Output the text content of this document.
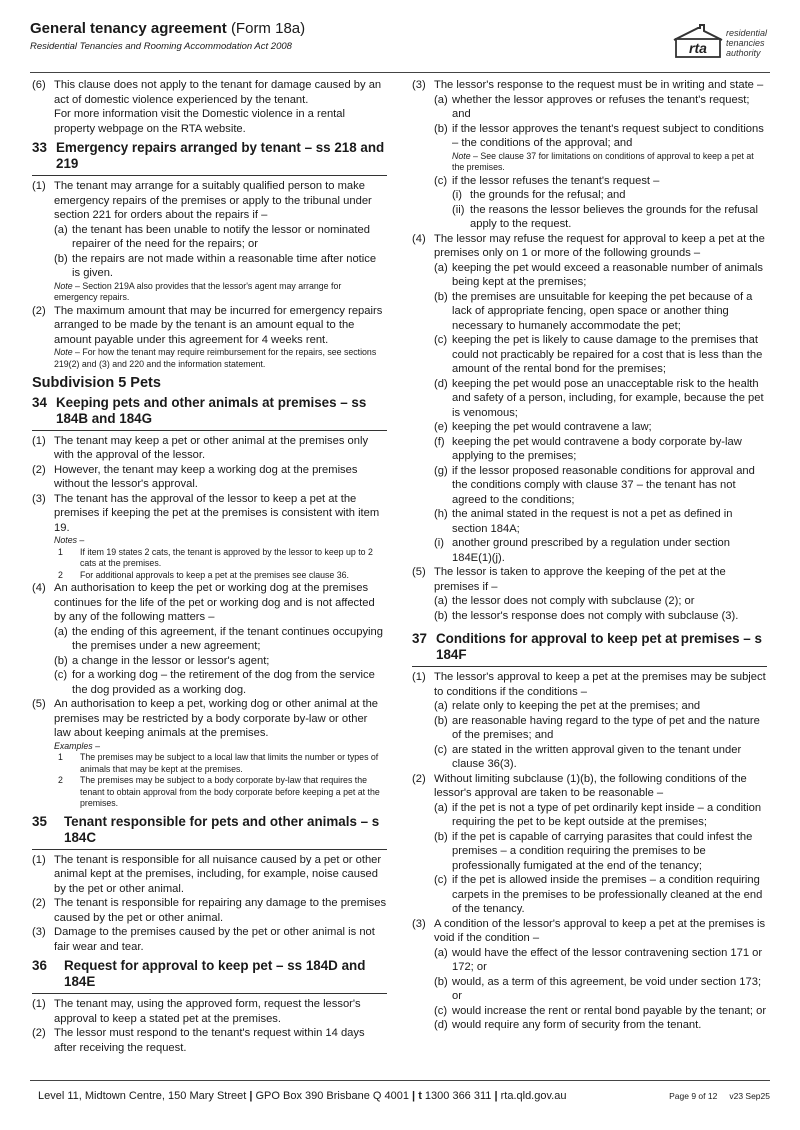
General tenancy agreement (Form 18a)

Residential Tenancies and Rooming Accommodation Act 2008	rta
residential
tenancies
authority
(6) This clause does not apply to the tenant for damage caused by an act of domestic violence experienced by the tenant.
For more information visit the Domestic violence in a rental property webpage on the RTA website.
33 Emergency repairs arranged by tenant – ss 218 and 219
(1) The tenant may arrange for a suitably qualified person to make emergency repairs of the premises or apply to the tribunal under section 221 for orders about the repairs if –
(a) the tenant has been unable to notify the lessor or nominated repairer of the need for the repairs; or
(b) the repairs are not made within a reasonable time after notice is given.
Note – Section 219A also provides that the lessor's agent may arrange for emergency repairs.
(2) The maximum amount that may be incurred for emergency repairs arranged to be made by the tenant is an amount equal to the amount payable under this agreement for 4 weeks rent.
Note – For how the tenant may require reimbursement for the repairs, see sections 219(2) and (3) and 220 and the information statement.
Subdivision 5 Pets
34 Keeping pets and other animals at premises – ss 184B and 184G
(1) The tenant may keep a pet or other animal at the premises only with the approval of the lessor.
(2) However, the tenant may keep a working dog at the premises without the lessor's approval.
(3) The tenant has the approval of the lessor to keep a pet at the premises if keeping the pet at the premises is consistent with item 19.
Notes –
1	If item 19 states 2 cats, the tenant is approved by the lessor to keep up to 2 cats at the premises.
2	For additional approvals to keep a pet at the premises see clause 36.
(4) An authorisation to keep the pet or working dog at the premises continues for the life of the pet or working dog and is not affected by any of the following matters –
(a) the ending of this agreement, if the tenant continues occupying the premises under a new agreement;
(b) a change in the lessor or lessor's agent;
(c) for a working dog – the retirement of the dog from the service the dog provided as a working dog.
(5) An authorisation to keep a pet, working dog or other animal at the premises may be restricted by a body corporate by-law or other law about keeping animals at the premises.
Examples –
1	The premises may be subject to a local law that limits the number or types of animals that may be kept at the premises.
2	The premises may be subject to a body corporate by-law that requires the tenant to obtain approval from the body corporate before keeping a pet at the premises.
35	Tenant responsible for pets and other animals – s 184C
(1) The tenant is responsible for all nuisance caused by a pet or other animal kept at the premises, including, for example, noise caused by the pet or other animal.
(2) The tenant is responsible for repairing any damage to the premises caused by the pet or other animal.
(3) Damage to the premises caused by the pet or other animal is not fair wear and tear.
36	Request for approval to keep pet – ss 184D and 184E
(1) The tenant may, using the approved form, request the lessor's approval to keep a stated pet at the premises.
(2) The lessor must respond to the tenant's request within 14 days after receiving the request.
(3) The lessor's response to the request must be in writing and state –
(a) whether the lessor approves or refuses the tenant's request; and
(b) if the lessor approves the tenant's request subject to conditions – the conditions of the approval; and
Note – See clause 37 for limitations on conditions of approval to keep a pet at the premises.
(c) if the lessor refuses the tenant's request –
(i) the grounds for the refusal; and
(ii) the reasons the lessor believes the grounds for the refusal apply to the request.
(4) The lessor may refuse the request for approval to keep a pet at the premises only on 1 or more of the following grounds –
(a) keeping the pet would exceed a reasonable number of animals being kept at the premises;
(b) the premises are unsuitable for keeping the pet because of a lack of appropriate fencing, open space or another thing necessary to humanely accommodate the pet;
(c) keeping the pet is likely to cause damage to the premises that could not practicably be repaired for a cost that is less than the amount of the rental bond for the premises;
(d) keeping the pet would pose an unacceptable risk to the health and safety of a person, including, for example, because the pet is venomous;
(e) keeping the pet would contravene a law;
(f) keeping the pet would contravene a body corporate by-law applying to the premises;
(g) if the lessor proposed reasonable conditions for approval and the conditions comply with clause 37 – the tenant has not agreed to the conditions;
(h) the animal stated in the request is not a pet as defined in section 184A;
(i) another ground prescribed by a regulation under section 184E(1)(j).
(5) The lessor is taken to approve the keeping of the pet at the premises if –
(a) the lessor does not comply with subclause (2); or
(b) the lessor's response does not comply with subclause (3).
37 Conditions for approval to keep pet at premises – s 184F
(1) The lessor's approval to keep a pet at the premises may be subject to conditions if the conditions –
(a) relate only to keeping the pet at the premises; and
(b) are reasonable having regard to the type of pet and the nature of the premises; and
(c) are stated in the written approval given to the tenant under clause 36(3).
(2) Without limiting subclause (1)(b), the following conditions of the lessor's approval are taken to be reasonable –
(a) if the pet is not a type of pet ordinarily kept inside – a condition requiring the pet to be kept outside at the premises;
(b) if the pet is capable of carrying parasites that could infest the premises – a condition requiring the premises to be professionally fumigated at the end of the tenancy;
(c) if the pet is allowed inside the premises – a condition requiring carpets in the premises to be professionally cleaned at the end of the tenancy.
(3) A condition of the lessor's approval to keep a pet at the premises is void if the condition –
(a) would have the effect of the lessor contravening section 171 or 172; or
(b) would, as a term of this agreement, be void under section 173; or
(c) would increase the rent or rental bond payable by the tenant; or
(d) would require any form of security from the tenant.
Level 11, Midtown Centre, 150 Mary Street | GPO Box 390 Brisbane Q 4001 | t 1300 366 311 | rta.qld.gov.au	Page 9 of 12 v23 Sep25
